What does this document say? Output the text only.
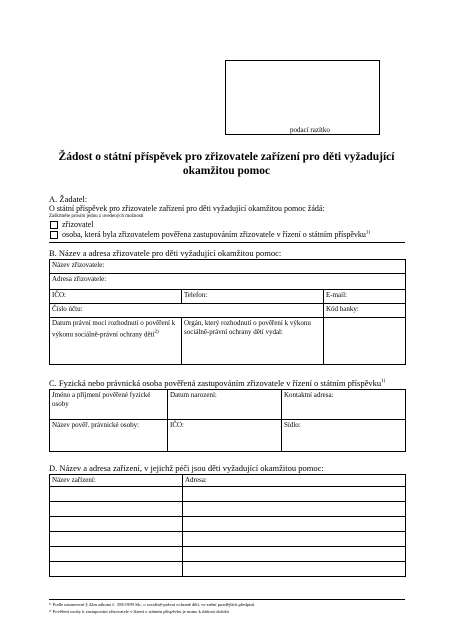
podací razítko
Žádost o státní příspěvek pro zřizovatele zařízení pro děti vyžadující
okamžitou pomoc
A. Žadatel:
O státní příspěvek pro zřizovatele zařízení pro děti vyžadující okamžitou pomoc žádá:
Zaškrtněte prosím jednu z uvedených možností
zřizovatel
osoba, která byla zřizovatelem pověřena zastupováním zřizovatele v řízení o státním příspěvku$^{1)}$
B. Název a adresa zřizovatele pro děti vyžadující okamžitou pomoc:
Název zřizovatele:		
Adresa zřizovatele:		
IČO:	Telefon:	E-mail:
Číslo účtu:		Kód banky:
Datum právní moci rozhodnutí o pověření k výkonu sociálně-právní ochrany dětí$^{2)}$	Orgán, který rozhodnutí o pověření k výkonu sociálně-právní ochrany dětí vydal:	
C. Fyzická nebo právnická osoba pověřená zastupováním zřizovatele v řízení o státním příspěvku$^{1)}$
Jméno a příjmení pověřené fyzické osoby	Datum narození:	Kontaktní adresa:
Název pověř. právnické osoby:	IČO:	Sídlo:
D. Název a adresa zařízení, v jejichž péči jsou děti vyžadující okamžitou pomoc:
Název zařízení:	Adresa:

¹⁾ Podle ustanovení § 42m zákona č. 359/1999 Sb., o sociálně-právní ochraně dětí, ve znění pozdějších předpisů
²⁾ Pověření osoby k zastupování zřizovatele v řízení o státním příspěvku je nutno k žádosti doložit
